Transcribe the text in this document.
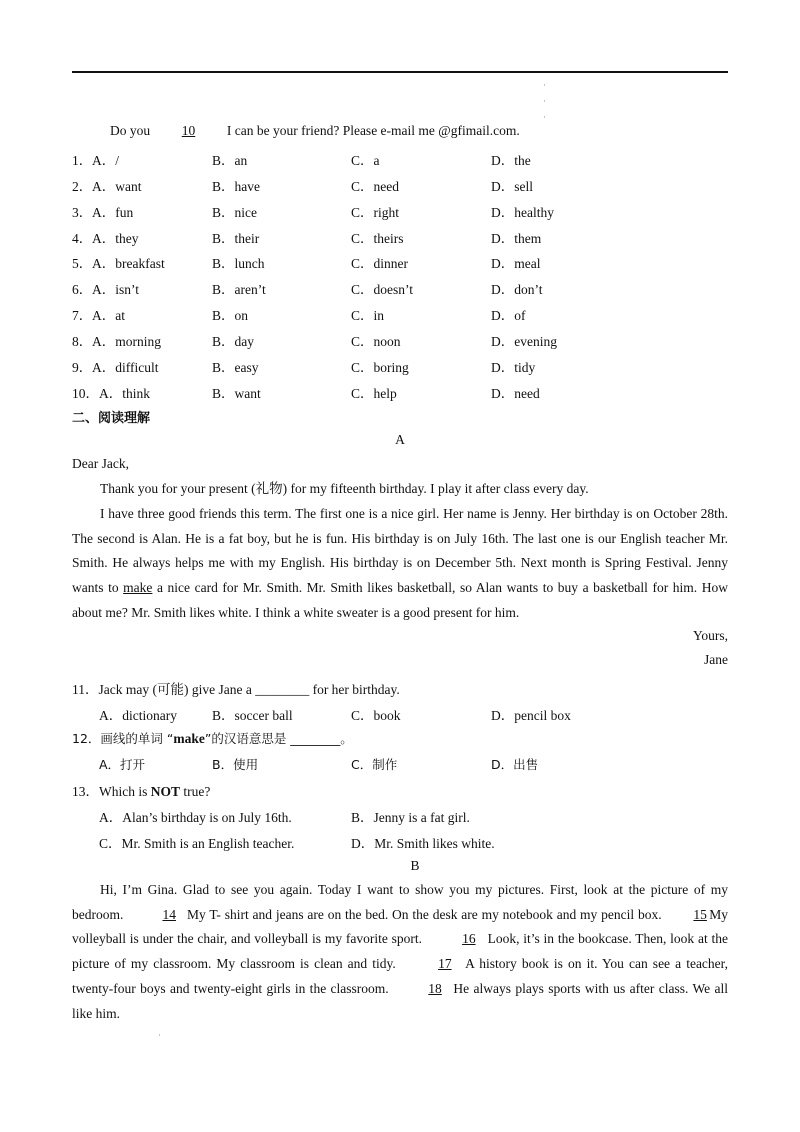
·
·
·
Do you 10 I can be your friend? Please e-mail me @gfimail.com.
1． A．/	B．an	C．a	D．the
2． A．want	B．have	C．need	D．sell
3． A．fun	B．nice	C．right	D．healthy
4． A．they	B．their	C．theirs	D．them
5． A．breakfast	B．lunch	C．dinner	D．meal
6． A．isn’t	B．aren’t	C．doesn’t	D．don’t
7． A．at	B．on	C．in	D．of
8． A．morning	B．day	C．noon	D．evening
9． A．difficult	B．easy	C．boring	D．tidy
10． A．think	B．want	C．help	D．need
二、阅读理解
A
Dear Jack,
Thank you for your present (礼物) for my fifteenth birthday. I play it after class every day.
I have three good friends this term. The first one is a nice girl. Her name is Jenny. Her birthday is on October 28th. The second is Alan. He is a fat boy, but he is fun. His birthday is on July 16th. The last one is our English teacher Mr. Smith. He always helps me with my English. His birthday is on December 5th. Next month is Spring Festival. Jenny wants to make a nice card for Mr. Smith. Mr. Smith likes basketball, so Alan wants to buy a basketball for him. How about me? Mr. Smith likes white. I think a white sweater is a good present for him.
Yours,
Jane
11．Jack may (可能) give Jane a ________ for her birthday.
A．dictionary	B．soccer ball	C．book	D．pencil box
12．画线的单词 “make”的汉语意思是 ________。
A．打开	B．使用	C．制作	D．出售
13．Which is NOT true?
A．Alan’s birthday is on July 16th.	B．Jenny is a fat girl.
C．Mr. Smith is an English teacher.	D．Mr. Smith likes white.
B
Hi, I’m Gina. Glad to see you again. Today I want to show you my pictures. First, look at the picture of my bedroom.	14 My T- shirt and jeans are on the bed. On the desk are my notebook and my pencil box. 15 My volleyball is under the chair, and volleyball is my favorite sport.	16 Look, it’s in the bookcase. Then, look at the picture of my classroom. My classroom is clean and tidy.	17 A history book is on it. You can see a teacher, twenty-four boys and twenty-eight girls in the classroom.	18 He always plays sports with us after class. We all like him.
·
